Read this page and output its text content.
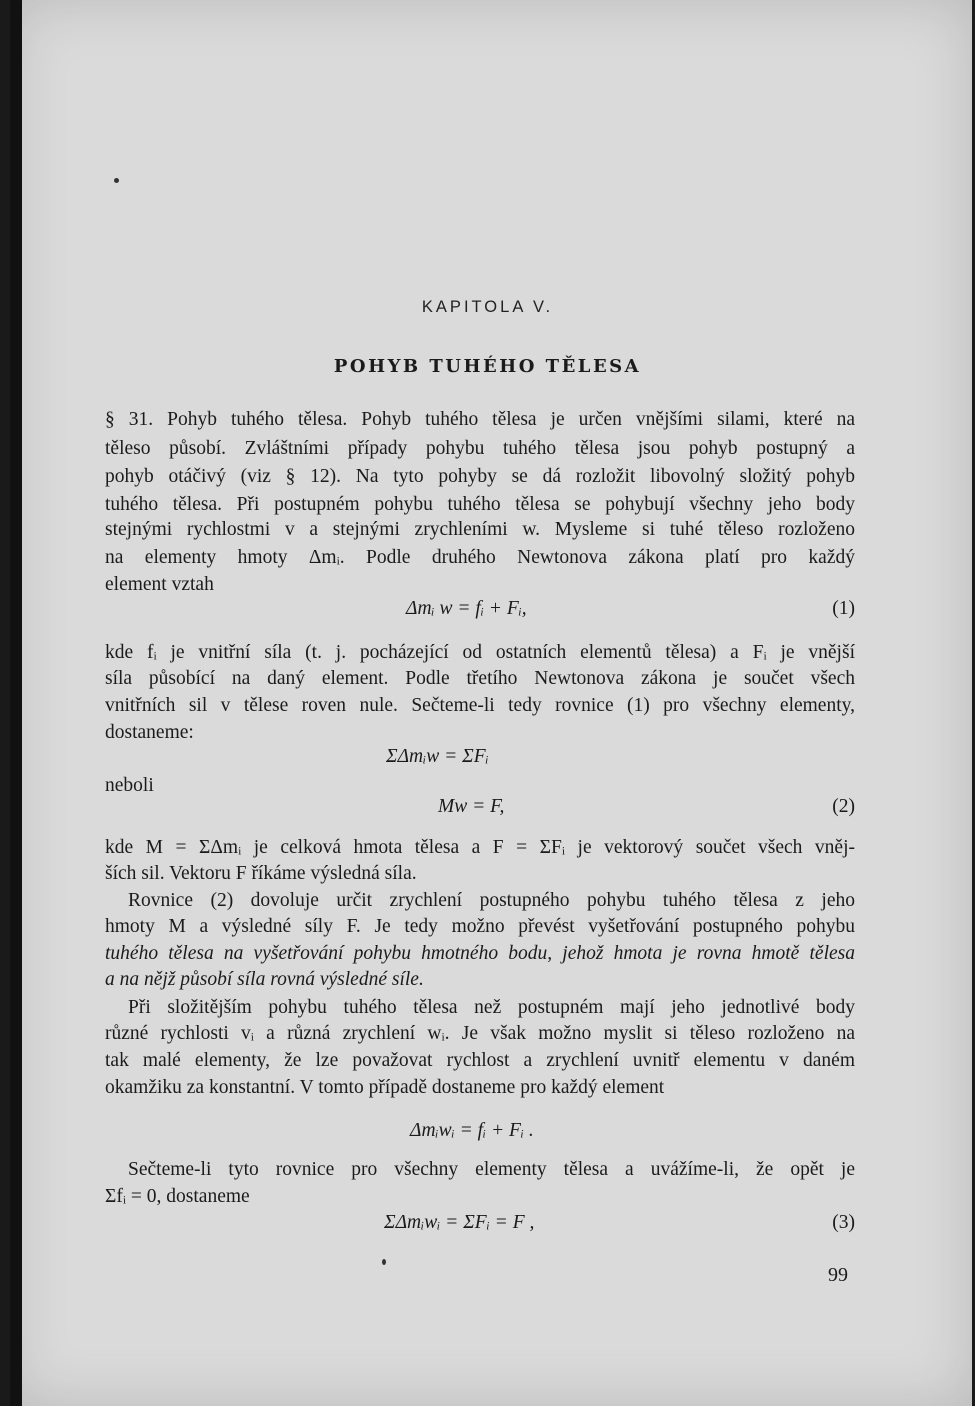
KAPITOLA V.
POHYB TUHÉHO TĚLESA
§ 31. Pohyb tuhého tělesa. Pohyb tuhého tělesa je určen vnějšími silami, které na
těleso působí. Zvláštními případy pohybu tuhého tělesa jsou pohyb postupný a
pohyb otáčivý (viz § 12). Na tyto pohyby se dá rozložit libovolný složitý pohyb
tuhého tělesa. Při postupném pohybu tuhého tělesa se pohybují všechny jeho body
stejnými rychlostmi v a stejnými zrychleními w. Mysleme si tuhé těleso rozloženo
na elementy hmoty Δmᵢ. Podle druhého Newtonova zákona platí pro každý
element vztah
Δmᵢ w = fᵢ + Fᵢ,	(1)
kde fᵢ je vnitřní síla (t. j. pocházející od ostatních elementů tělesa) a Fᵢ je vnější
síla působící na daný element. Podle třetího Newtonova zákona je součet všech
vnitřních sil v tělese roven nule. Sečteme-li tedy rovnice (1) pro všechny elementy,
dostaneme:
ΣΔmᵢw = ΣFᵢ
neboli
Mw = F,	(2)
kde M = ΣΔmᵢ je celková hmota tělesa a F = ΣFᵢ je vektorový součet všech vněj-
ších sil. Vektoru F říkáme výsledná síla.
Rovnice (2) dovoluje určit zrychlení postupného pohybu tuhého tělesa z jeho
hmoty M a výsledné síly F. Je tedy možno převést vyšetřování postupného pohybu
tuhého tělesa na vyšetřování pohybu hmotného bodu, jehož hmota je rovna hmotě tělesa
a na nějž působí síla rovná výsledné síle.
Při složitějším pohybu tuhého tělesa než postupném mají jeho jednotlivé body
různé rychlosti vᵢ a různá zrychlení wᵢ. Je však možno myslit si těleso rozloženo na
tak malé elementy, že lze považovat rychlost a zrychlení uvnitř elementu v daném
okamžiku za konstantní. V tomto případě dostaneme pro každý element
Δmᵢwᵢ = fᵢ + Fᵢ .
Sečteme-li tyto rovnice pro všechny elementy tělesa a uvážíme-li, že opět je
Σfᵢ = 0, dostaneme
ΣΔmᵢwᵢ = ΣFᵢ = F ,	(3)
99
